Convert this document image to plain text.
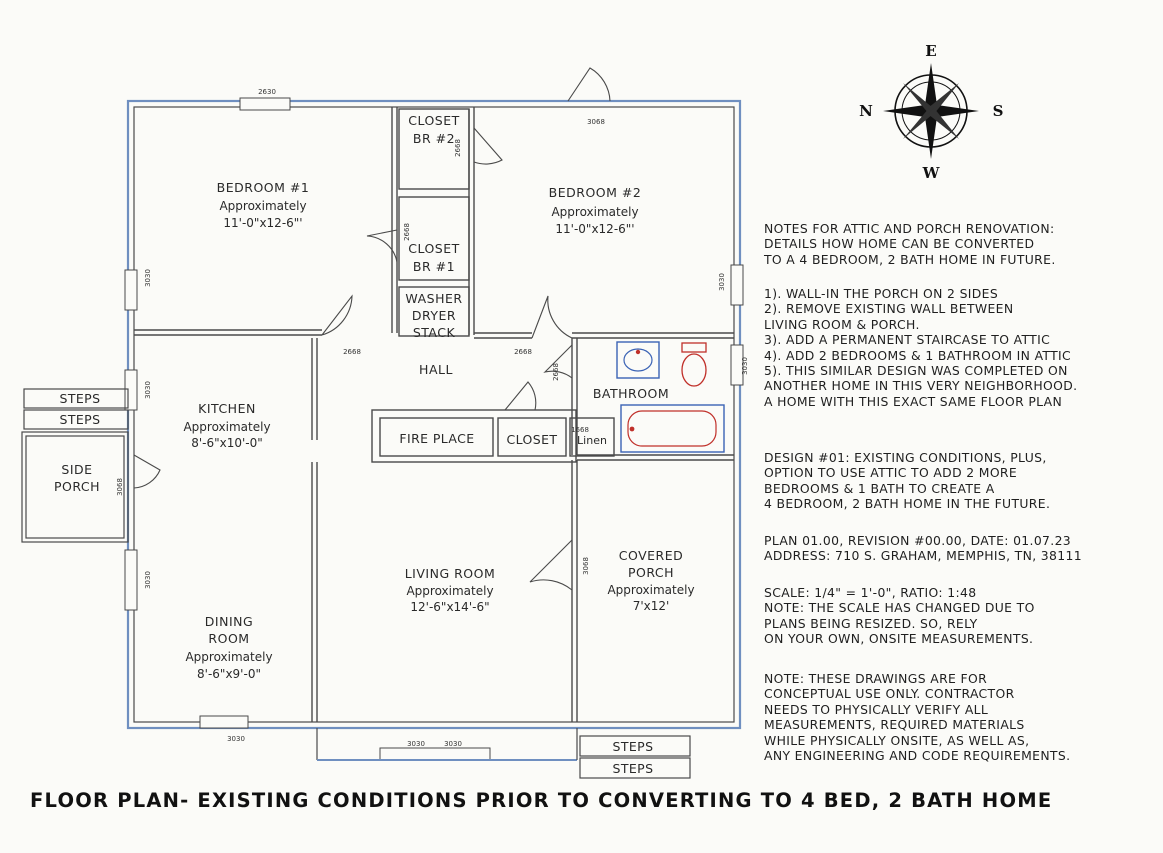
E
N	S
W
BEDROOM #1
Approximately
11'-0"x12-6"'
CLOSET
BR #2
BEDROOM #2
Approximately
11'-0"x12-6"'
CLOSET
BR #1
WASHER
DRYER
STACK
HALL
BATHROOM
KITCHEN
Approximately
8'-6"x10'-0"	FIRE PLACE	CLOSET Linen
SIDE
PORCH
LIVING ROOM
Approximately
12'-6"x14'-6"
COVERED
PORCH
Approximately
7'x12'
DINING
ROOM
Approximately
8'-6"x9'-0"
STEPS
STEPS
STEPS
STEPS
2630
3068
2668
2668
3030	3030
2668	2668
2668	3030
3030
1668
3068
3068
3030
3030
3030	3030
NOTES FOR ATTIC AND PORCH RENOVATION:
DETAILS HOW HOME CAN BE CONVERTED
TO A 4 BEDROOM, 2 BATH HOME IN FUTURE.
1). WALL-IN THE PORCH ON 2 SIDES
2). REMOVE EXISTING WALL BETWEEN
LIVING ROOM & PORCH.
3). ADD A PERMANENT STAIRCASE TO ATTIC
4). ADD 2 BEDROOMS & 1 BATHROOM IN ATTIC
5). THIS SIMILAR DESIGN WAS COMPLETED ON
ANOTHER HOME IN THIS VERY NEIGHBORHOOD.
A HOME WITH THIS EXACT SAME FLOOR PLAN
DESIGN #01: EXISTING CONDITIONS, PLUS,
OPTION TO USE ATTIC TO ADD 2 MORE
BEDROOMS & 1 BATH TO CREATE A
4 BEDROOM, 2 BATH HOME IN THE FUTURE.
PLAN 01.00, REVISION #00.00, DATE: 01.07.23
ADDRESS: 710 S. GRAHAM, MEMPHIS, TN, 38111
SCALE: 1/4" = 1'-0", RATIO: 1:48
NOTE: THE SCALE HAS CHANGED DUE TO
PLANS BEING RESIZED. SO, RELY
ON YOUR OWN, ONSITE MEASUREMENTS.
NOTE: THESE DRAWINGS ARE FOR
CONCEPTUAL USE ONLY. CONTRACTOR
NEEDS TO PHYSICALLY VERIFY ALL
MEASUREMENTS, REQUIRED MATERIALS
WHILE PHYSICALLY ONSITE, AS WELL AS,
ANY ENGINEERING AND CODE REQUIREMENTS.
FLOOR PLAN- EXISTING CONDITIONS PRIOR TO CONVERTING TO 4 BED, 2 BATH HOME
